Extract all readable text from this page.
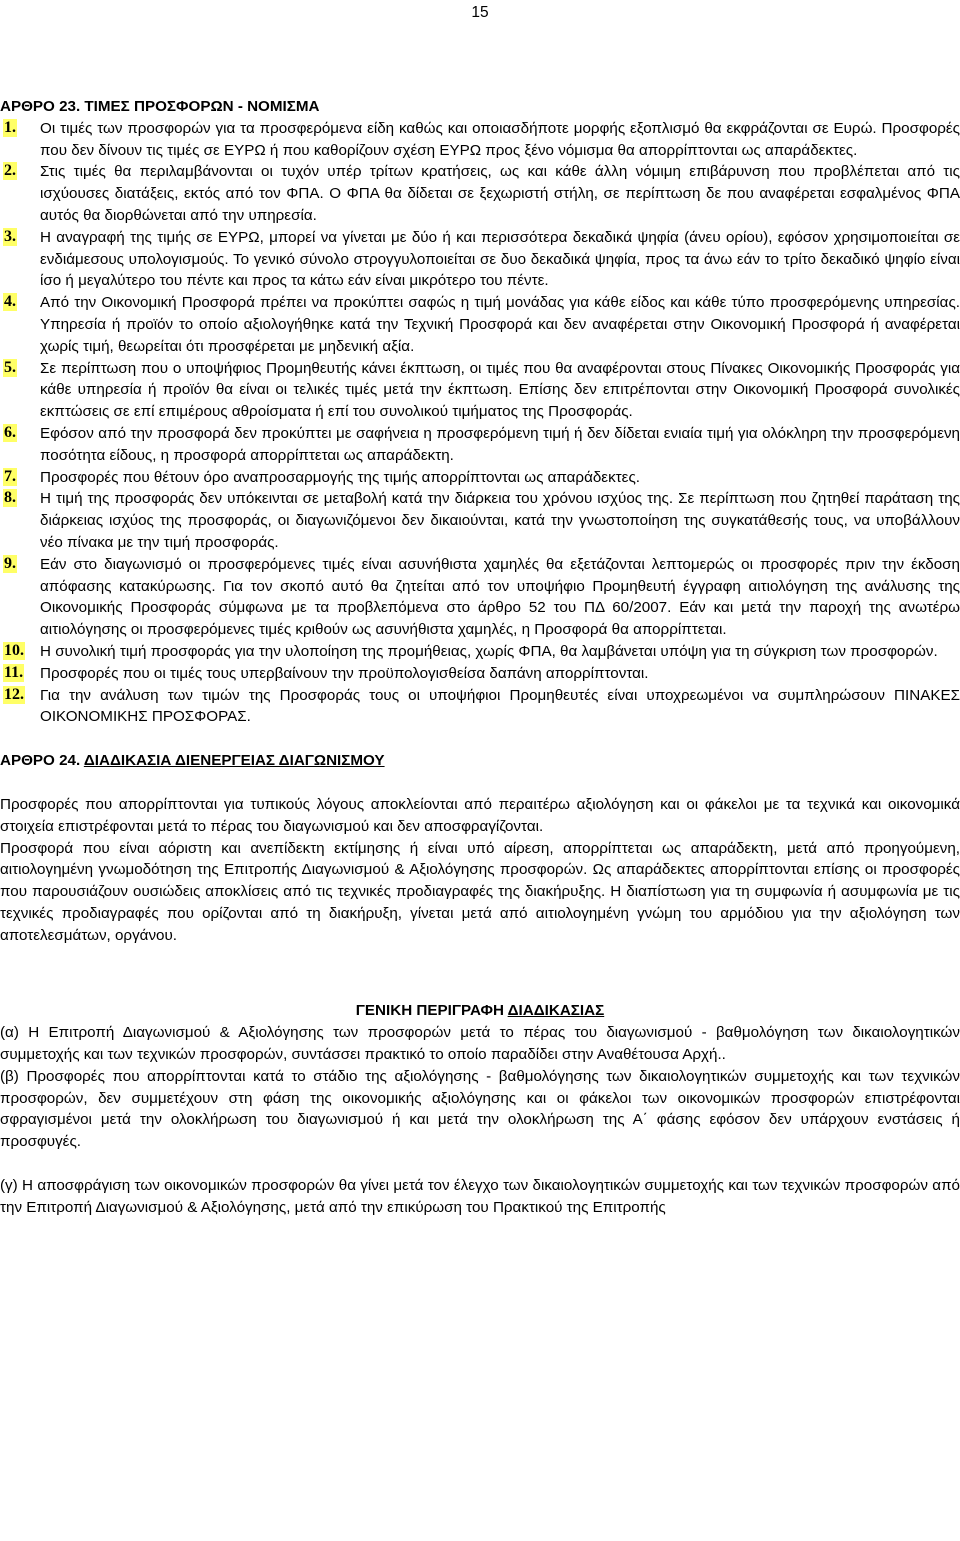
15

ΑΡΘΡΟ 23. ΤΙΜΕΣ ΠΡΟΣΦΟΡΩΝ - ΝΟΜΙΣΜΑ

1. Οι τιμές των προσφορών για τα προσφερόμενα είδη καθώς και οποιασδήποτε μορφής εξοπλισμό θα εκφράζονται σε Ευρώ. Προσφορές που δεν δίνουν τις τιμές σε ΕΥΡΩ ή που καθορίζουν σχέση ΕΥΡΩ προς ξένο νόμισμα θα απορρίπτονται ως απαράδεκτες.
2. Στις τιμές θα περιλαμβάνονται οι τυχόν υπέρ τρίτων κρατήσεις, ως και κάθε άλλη νόμιμη επιβάρυνση που προβλέπεται από τις ισχύουσες διατάξεις, εκτός από τον ΦΠΑ. Ο ΦΠΑ θα δίδεται σε ξεχωριστή στήλη, σε περίπτωση δε που αναφέρεται εσφαλμένος ΦΠΑ αυτός θα διορθώνεται από την υπηρεσία.
3. Η αναγραφή της τιμής σε ΕΥΡΩ, μπορεί να γίνεται με δύο ή και περισσότερα δεκαδικά ψηφία (άνευ ορίου), εφόσον χρησιμοποιείται σε ενδιάμεσους υπολογισμούς. Το γενικό σύνολο στρογγυλοποιείται σε δυο δεκαδικά ψηφία, προς τα άνω εάν το τρίτο δεκαδικό ψηφίο είναι ίσο ή μεγαλύτερο του πέντε και προς τα κάτω εάν είναι μικρότερο του πέντε.
4. Από την Οικονομική Προσφορά πρέπει να προκύπτει σαφώς η τιμή μονάδας για κάθε είδος και κάθε τύπο προσφερόμενης υπηρεσίας. Υπηρεσία ή προϊόν το οποίο αξιολογήθηκε κατά την Τεχνική Προσφορά και δεν αναφέρεται στην Οικονομική Προσφορά ή αναφέρεται χωρίς τιμή, θεωρείται ότι προσφέρεται με μηδενική αξία.
5. Σε περίπτωση που ο υποψήφιος Προμηθευτής κάνει έκπτωση, οι τιμές που θα αναφέρονται στους Πίνακες Οικονομικής Προσφοράς για κάθε υπηρεσία ή προϊόν θα είναι οι τελικές τιμές μετά την έκπτωση. Επίσης δεν επιτρέπονται στην Οικονομική Προσφορά συνολικές εκπτώσεις σε επί επιμέρους αθροίσματα ή επί του συνολικού τιμήματος της Προσφοράς.
6. Εφόσον από την προσφορά δεν προκύπτει με σαφήνεια η προσφερόμενη τιμή ή δεν δίδεται ενιαία τιμή για ολόκληρη την προσφερόμενη ποσότητα είδους, η προσφορά απορρίπτεται ως απαράδεκτη.
7. Προσφορές που θέτουν όρο αναπροσαρμογής της τιμής απορρίπτονται ως απαράδεκτες.
8. Η τιμή της προσφοράς δεν υπόκεινται σε μεταβολή κατά την διάρκεια του χρόνου ισχύος της. Σε περίπτωση που ζητηθεί παράταση της διάρκειας ισχύος της προσφοράς, οι διαγωνιζόμενοι δεν δικαιούνται, κατά την γνωστοποίηση της συγκατάθεσής τους, να υποβάλλουν νέο πίνακα με την τιμή προσφοράς.
9. Εάν στο διαγωνισμό οι προσφερόμενες τιμές είναι ασυνήθιστα χαμηλές θα εξετάζονται λεπτομερώς οι προσφορές πριν την έκδοση απόφασης κατακύρωσης. Για τον σκοπό αυτό θα ζητείται από τον υποψήφιο Προμηθευτή έγγραφη αιτιολόγηση της ανάλυσης της Οικονομικής Προσφοράς σύμφωνα με τα προβλεπόμενα στο άρθρο 52 του ΠΔ 60/2007. Εάν και μετά την παροχή της ανωτέρω αιτιολόγησης οι προσφερόμενες τιμές κριθούν ως ασυνήθιστα χαμηλές, η Προσφορά θα απορρίπτεται.
10. Η συνολική τιμή προσφοράς για την υλοποίηση της προμήθειας, χωρίς ΦΠΑ, θα λαμβάνεται υπόψη για τη σύγκριση των προσφορών.
11. Προσφορές που οι τιμές τους υπερβαίνουν την προϋπολογισθείσα δαπάνη απορρίπτονται.
12. Για την ανάλυση των τιμών της Προσφοράς τους οι υποψήφιοι Προμηθευτές είναι υποχρεωμένοι να συμπληρώσουν ΠΙΝΑΚΕΣ ΟΙΚΟΝΟΜΙΚΗΣ ΠΡΟΣΦΟΡΑΣ.

ΑΡΘΡΟ 24. ΔΙΑΔΙΚΑΣΙΑ ΔΙΕΝΕΡΓΕΙΑΣ ΔΙΑΓΩΝΙΣΜΟΥ

Προσφορές που απορρίπτονται για τυπικούς λόγους αποκλείονται από περαιτέρω αξιολόγηση και οι φάκελοι με τα τεχνικά και οικονομικά στοιχεία επιστρέφονται μετά το πέρας του διαγωνισμού και δεν αποσφραγίζονται.

Προσφορά που είναι αόριστη και ανεπίδεκτη εκτίμησης ή είναι υπό αίρεση, απορρίπτεται ως απαράδεκτη, μετά από προηγούμενη, αιτιολογημένη γνωμοδότηση της Επιτροπής Διαγωνισμού & Αξιολόγησης προσφορών. Ως απαράδεκτες απορρίπτονται επίσης οι προσφορές που παρουσιάζουν ουσιώδεις αποκλίσεις από τις τεχνικές προδιαγραφές της διακήρυξης. Η διαπίστωση για τη συμφωνία ή ασυμφωνία με τις τεχνικές προδιαγραφές που ορίζονται από τη διακήρυξη, γίνεται μετά από αιτιολογημένη γνώμη του αρμόδιου για την αξιολόγηση των αποτελεσμάτων, οργάνου.

ΓΕΝΙΚΗ ΠΕΡΙΓΡΑΦΗ ΔΙΑΔΙΚΑΣΙΑΣ

(α) Η Επιτροπή Διαγωνισμού & Αξιολόγησης των προσφορών μετά το πέρας του διαγωνισμού - βαθμολόγηση των δικαιολογητικών συμμετοχής και των τεχνικών προσφορών, συντάσσει πρακτικό το οποίο παραδίδει στην Αναθέτουσα Αρχή..

(β) Προσφορές που απορρίπτονται κατά το στάδιο της αξιολόγησης - βαθμολόγησης των δικαιολογητικών συμμετοχής και των τεχνικών προσφορών, δεν συμμετέχουν στη φάση της οικονομικής αξιολόγησης και οι φάκελοι των οικονομικών προσφορών επιστρέφονται σφραγισμένοι μετά την ολοκλήρωση του διαγωνισμού ή και μετά την ολοκλήρωση της Α΄ φάσης εφόσον δεν υπάρχουν ενστάσεις ή προσφυγές.

(γ) Η αποσφράγιση των οικονομικών προσφορών θα γίνει μετά τον έλεγχο των δικαιολογητικών συμμετοχής και των τεχνικών προσφορών από την Επιτροπή Διαγωνισμού & Αξιολόγησης, μετά από την επικύρωση του Πρακτικού της Επιτροπής
